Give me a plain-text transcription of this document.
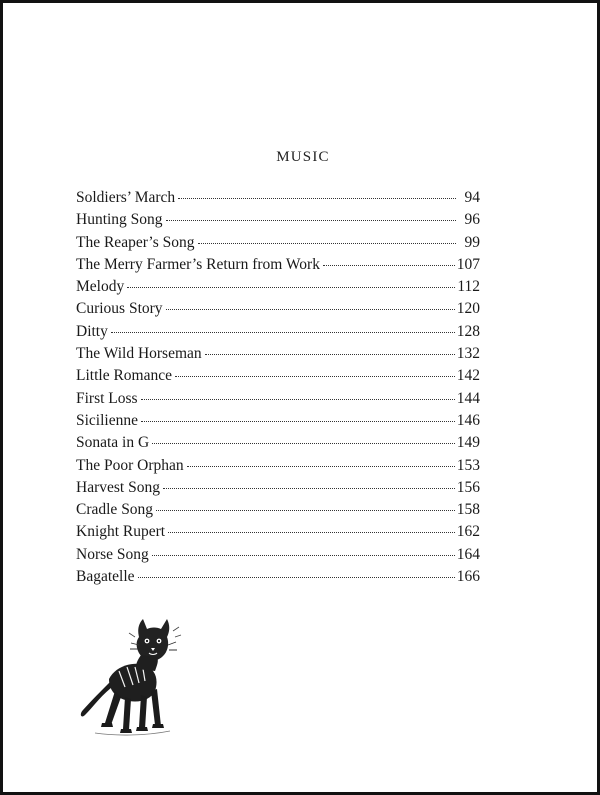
MUSIC
Soldiers’ March	94
Hunting Song	96
The Reaper’s Song	99
The Merry Farmer’s Return from Work	107
Melody	112
Curious Story	120
Ditty	128
The Wild Horseman	132
Little Romance	142
First Loss	144
Sicilienne	146
Sonata in G	149
The Poor Orphan	153
Harvest Song	156
Cradle Song	158
Knight Rupert	162
Norse Song	164
Bagatelle	166
